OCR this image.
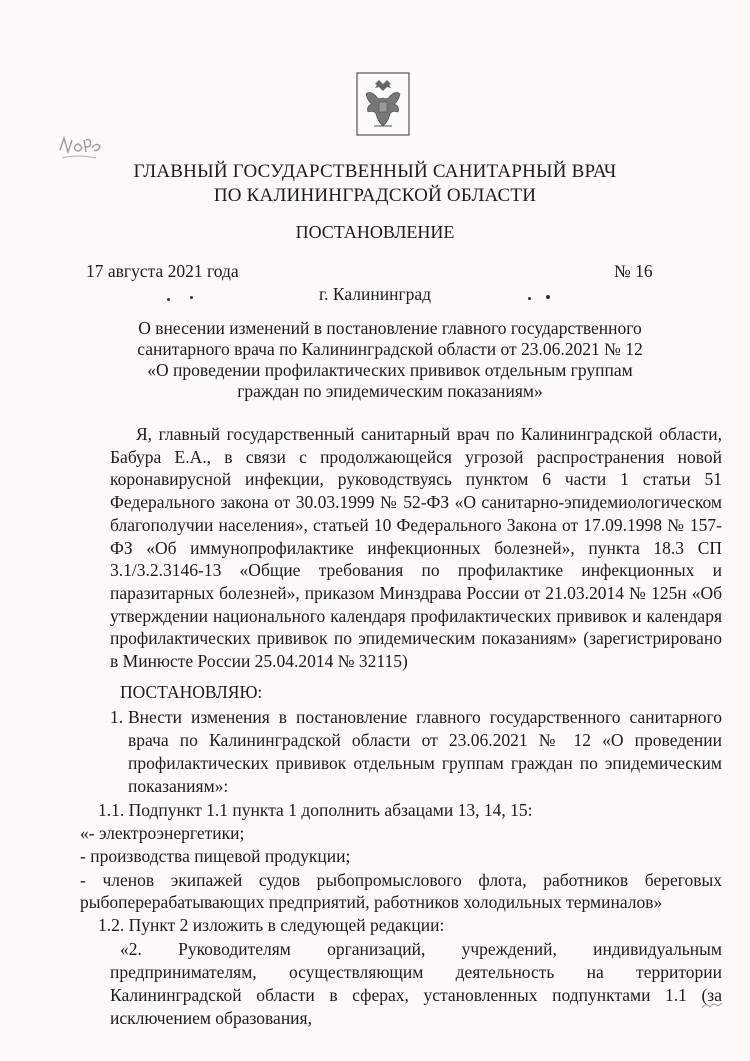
ГЛАВНЫЙ ГОСУДАРСТВЕННЫЙ САНИТАРНЫЙ ВРАЧ
ПО КАЛИНИНГРАДСКОЙ ОБЛАСТИ
ПОСТАНОВЛЕНИЕ
17 августа 2021 года	№ 16
г. Калининград
О внесении изменений в постановление главного государственного
санитарного врача по Калининградской области от 23.06.2021 № 12
«О проведении профилактических прививок отдельным группам
граждан по эпидемическим показаниям»
Я, главный государственный санитарный врач по Калининградской области, Бабура Е.А., в связи с продолжающейся угрозой распространения новой коронавирусной инфекции, руководствуясь пунктом 6 части 1 статьи 51 Федерального закона от 30.03.1999 № 52-ФЗ «О санитарно-эпидемиологическом благополучии населения», статьей 10 Федерального Закона от 17.09.1998 № 157-ФЗ «Об иммунопрофилактике инфекционных болезней», пункта 18.3 СП 3.1/3.2.3146-13 «Общие требования по профилактике инфекционных и паразитарных болезней», приказом Минздрава России от 21.03.2014 № 125н «Об утверждении национального календаря профилактических прививок и календаря профилактических прививок по эпидемическим показаниям» (зарегистрировано в Минюсте России 25.04.2014 № 32115)
ПОСТАНОВЛЯЮ:
1. Внести изменения в постановление главного государственного санитарного врача по Калининградской области от 23.06.2021 № 12 «О проведении профилактических прививок отдельным группам граждан по эпидемическим показаниям»:
1.1. Подпункт 1.1 пункта 1 дополнить абзацами 13, 14, 15:
«- электроэнергетики;
- производства пищевой продукции;
- членов экипажей судов рыбопромыслового флота, работников береговых рыбоперерабатывающих предприятий, работников холодильных терминалов»
1.2. Пункт 2 изложить в следующей редакции:
«2. Руководителям организаций, учреждений, индивидуальным предпринимателям, осуществляющим деятельность на территории Калининградской области в сферах, установленных подпунктами 1.1 (за исключением образования,
